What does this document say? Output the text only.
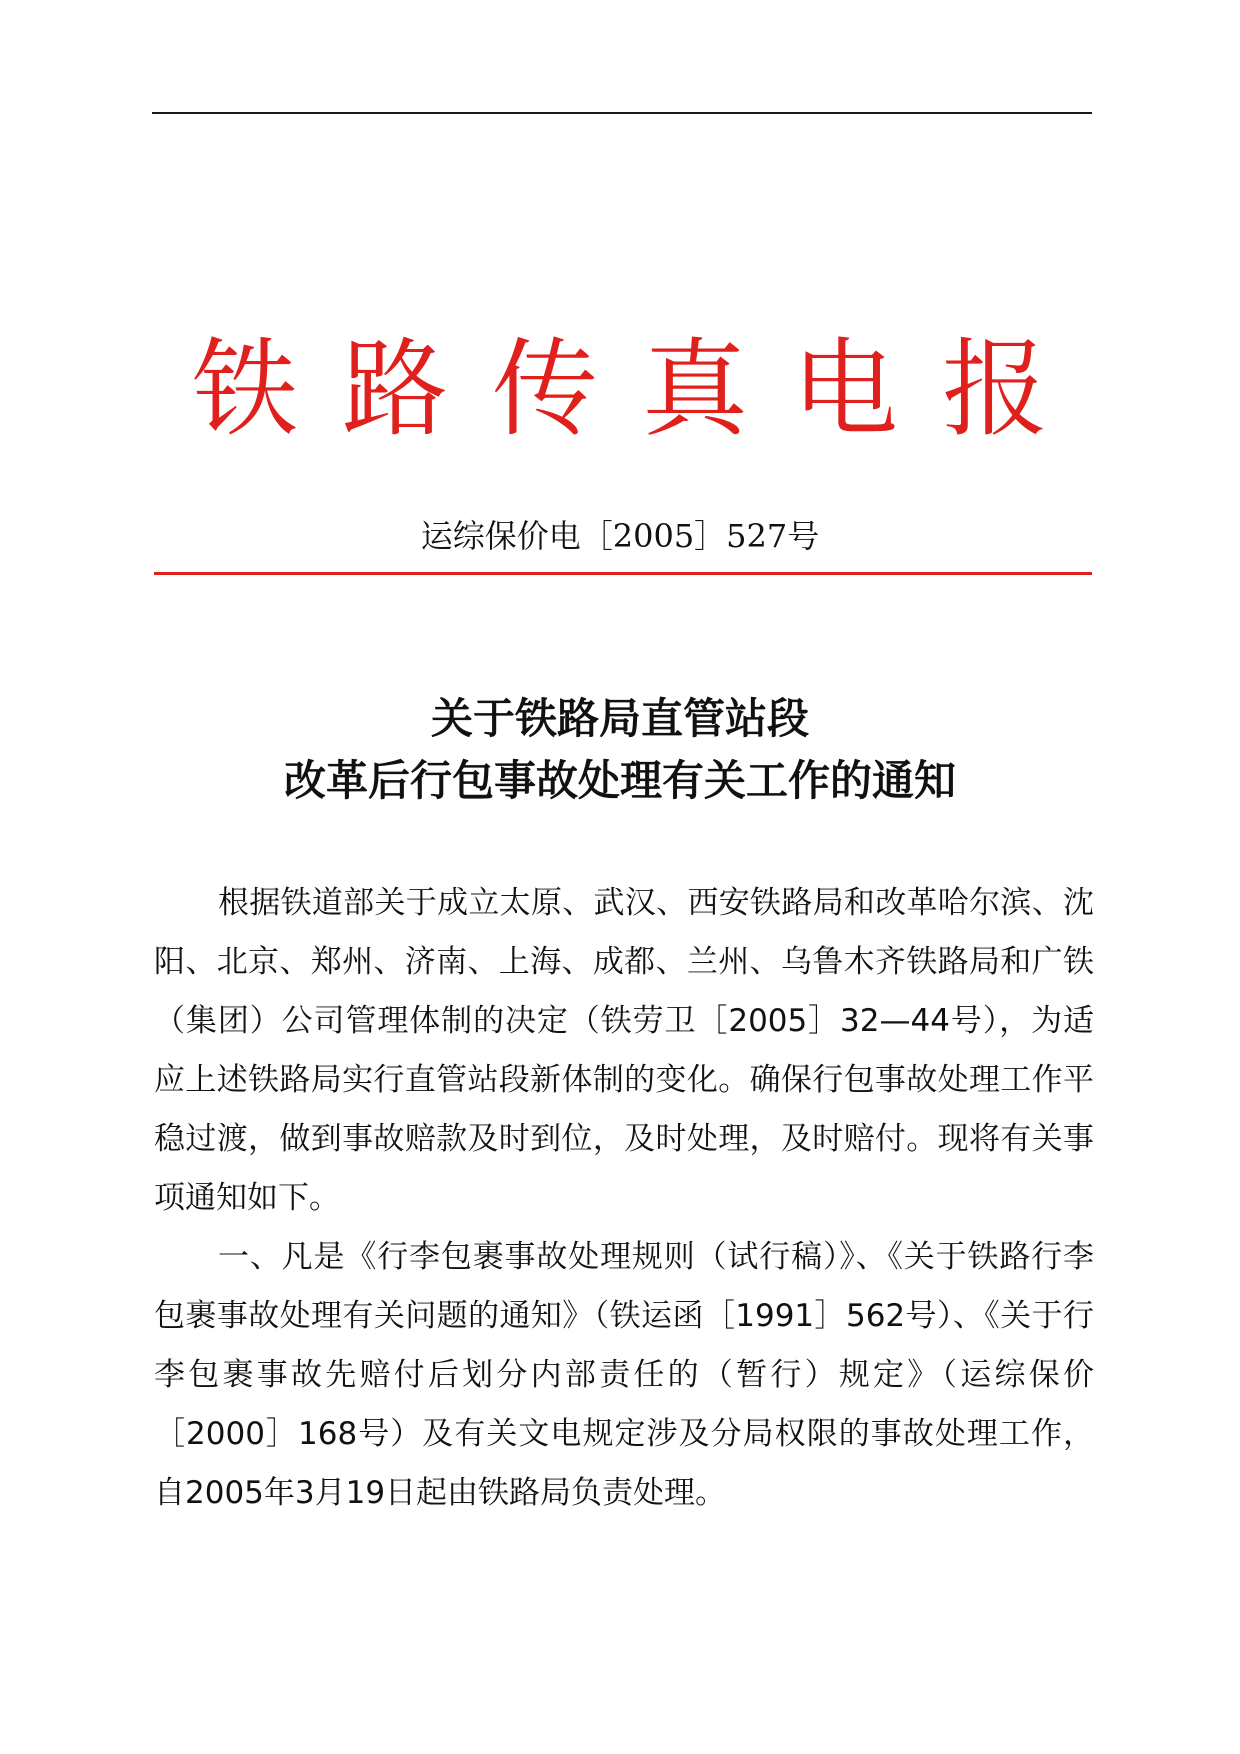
铁路传真电报
运综保价电［2005］527号
关于铁路局直管站段
改革后行包事故处理有关工作的通知

根据铁道部关于成立太原、武汉、西安铁路局和改革哈尔滨、沈阳、北京、郑州、济南、上海、成都、兰州、乌鲁木齐铁路局和广铁（集团）公司管理体制的决定（铁劳卫［2005］32—44号），为适应上述铁路局实行直管站段新体制的变化。确保行包事故处理工作平稳过渡，做到事故赔款及时到位，及时处理，及时赔付。现将有关事项通知如下。

一、凡是《行李包裹事故处理规则（试行稿）》、《关于铁路行李包裹事故处理有关问题的通知》（铁运函［1991］562号）、《关于行李包裹事故先赔付后划分内部责任的（暂行）规定》（运综保价［2000］168号）及有关文电规定涉及分局权限的事故处理工作，自2005年3月19日起由铁路局负责处理。
